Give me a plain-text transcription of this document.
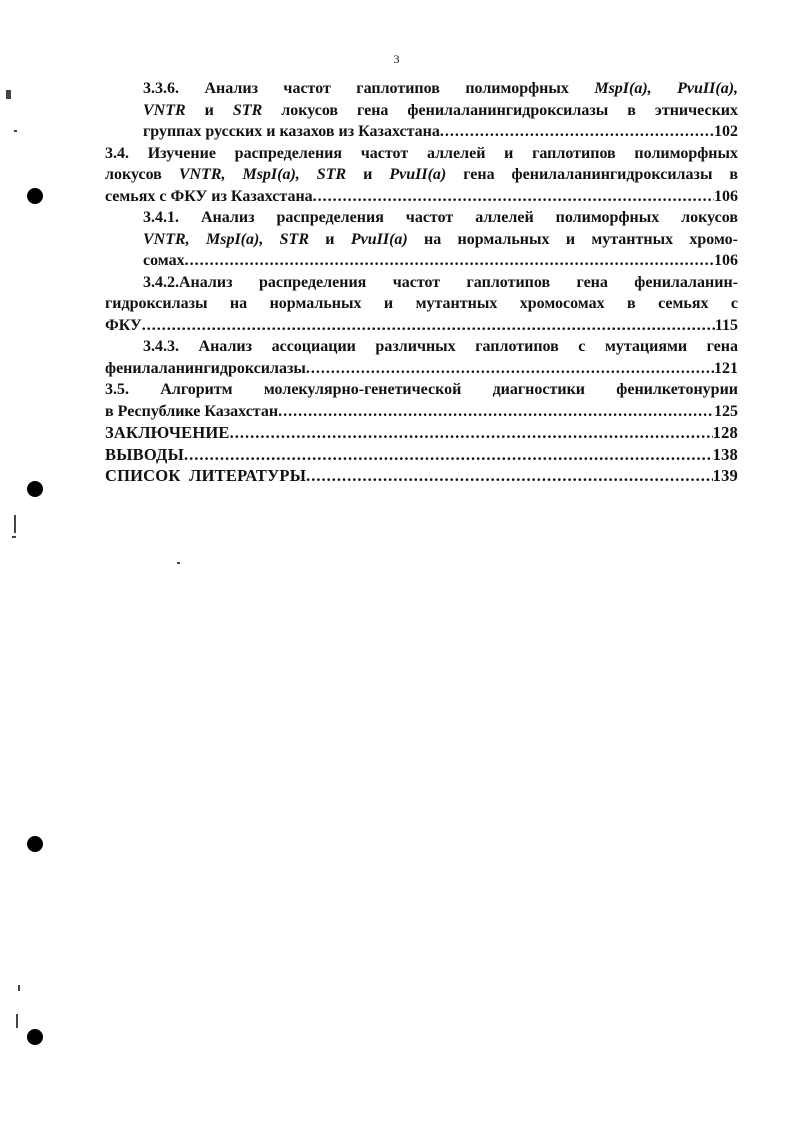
3
3.3.6. Анализ частот гаплотипов полиморфных MspI(a), PvuII(a),
VNTR и STR локусов гена фенилаланингидроксилазы в этнических
группах русских и казахов из Казахстана .....	102
3.4. Изучение распределения частот аллелей и гаплотипов полиморфных
локусов VNTR, MspI(a), STR и PvuII(a) гена фенилаланингидроксилазы в
семьях с ФКУ из Казахстана .....	106
3.4.1. Анализ распределения частот аллелей полиморфных локусов
VNTR, MspI(a), STR и PvuII(a) на нормальных и мутантных хромо-
сомах .....	106
3.4.2.Анализ распределения частот гаплотипов гена фенилаланин-
гидроксилазы на нормальных и мутантных хромосомах в семьях с
ФКУ .....	115
3.4.3. Анализ ассоциации различных гаплотипов с мутациями гена
фенилаланингидроксилазы .....	121
3.5. Алгоритм молекулярно-генетической диагностики фенилкетонурии
в Республике Казахстан .....	125
ЗАКЛЮЧЕНИЕ .....	128
ВЫВОДЫ .....	138
СПИСОК  ЛИТЕРАТУРЫ .....	139
